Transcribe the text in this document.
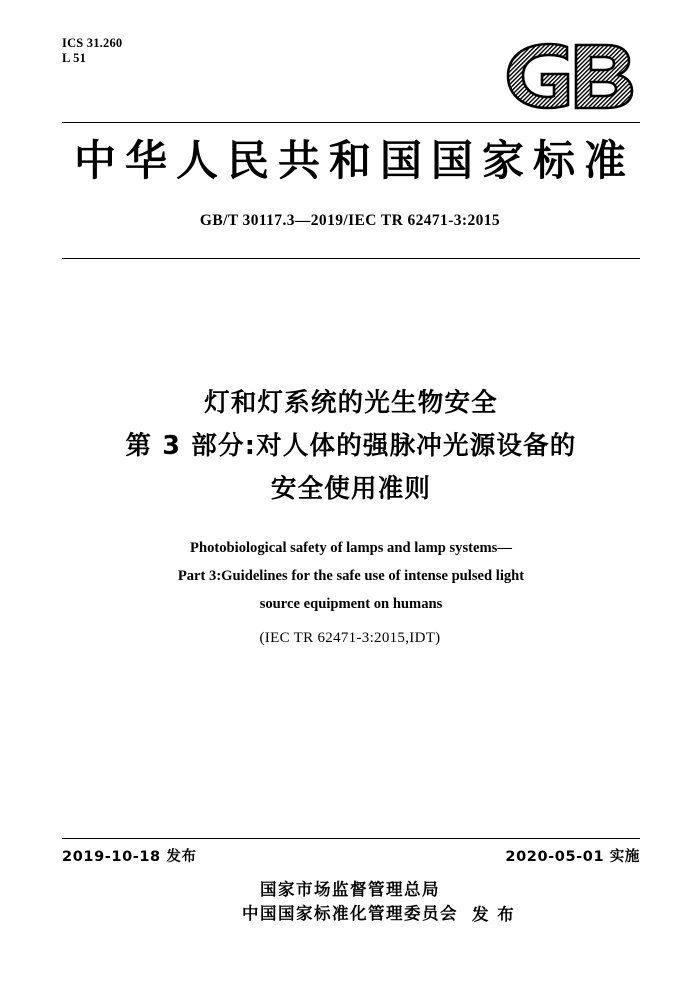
ICS 31.260
L 51
中华人民共和国国家标准
GB/T 30117.3—2019/IEC TR 62471-3:2015
灯和灯系统的光生物安全
第 3 部分:对人体的强脉冲光源设备的
安全使用准则
Photobiological safety of lamps and lamp systems—
Part 3:Guidelines for the safe use of intense pulsed light
source equipment on humans
(IEC TR 62471-3:2015,IDT)
2019-10-18 发布	2020-05-01 实施
国家市场监督管理总局
中国国家标准化管理委员会 发 布
